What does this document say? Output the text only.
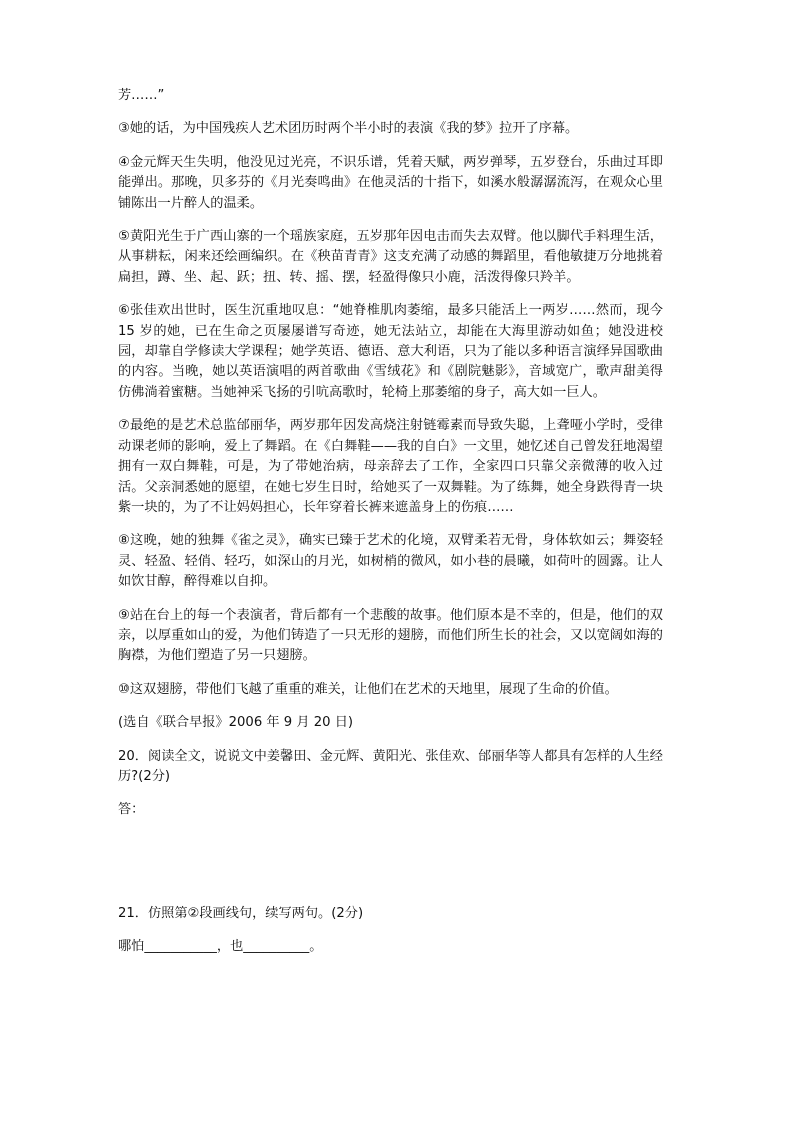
芳……”

③她的话，为中国残疾人艺术团历时两个半小时的表演《我的梦》拉开了序幕。

④金元辉天生失明，他没见过光亮，不识乐谱，凭着天赋，两岁弹琴，五岁登台，乐曲过耳即能弹出。那晚，贝多芬的《月光奏鸣曲》在他灵活的十指下，如溪水般潺潺流泻，在观众心里铺陈出一片醉人的温柔。

⑤黄阳光生于广西山寨的一个瑶族家庭，五岁那年因电击而失去双臂。他以脚代手料理生活，从事耕耘，闲来还绘画编织。在《秧苗青青》这支充满了动感的舞蹈里，看他敏捷万分地挑着扁担，蹲、坐、起、跃；扭、转、摇、摆，轻盈得像只小鹿，活泼得像只羚羊。

⑥张佳欢出世时，医生沉重地叹息：“她脊椎肌肉萎缩，最多只能活上一两岁……然而，现今 15 岁的她，已在生命之页屡屡谱写奇迹，她无法站立，却能在大海里游动如鱼；她没进校园，却靠自学修读大学课程；她学英语、德语、意大利语，只为了能以多种语言演绎异国歌曲的内容。当晚，她以英语演唱的两首歌曲《雪绒花》和《剧院魅影》，音域宽广，歌声甜美得仿佛淌着蜜糖。当她神采飞扬的引吭高歌时，轮椅上那萎缩的身子，高大如一巨人。

⑦最绝的是艺术总监邰丽华，两岁那年因发高烧注射链霉素而导致失聪，上聋哑小学时，受律动课老师的影响，爱上了舞蹈。在《白舞鞋——我的自白》一文里，她忆述自己曾发狂地渴望拥有一双白舞鞋，可是，为了带她治病，母亲辞去了工作，全家四口只靠父亲微薄的收入过活。父亲洞悉她的愿望，在她七岁生日时，给她买了一双舞鞋。为了练舞，她全身跌得青一块紫一块的，为了不让妈妈担心，长年穿着长裤来遮盖身上的伤痕……

⑧这晚，她的独舞《雀之灵》，确实已臻于艺术的化境，双臂柔若无骨，身体软如云；舞姿轻灵、轻盈、轻俏、轻巧，如深山的月光，如树梢的微风，如小巷的晨曦，如荷叶的圆露。让人如饮甘醇，醉得难以自抑。

⑨站在台上的每一个表演者，背后都有一个悲酸的故事。他们原本是不幸的，但是，他们的双亲，以厚重如山的爱，为他们铸造了一只无形的翅膀，而他们所生长的社会，又以宽阔如海的胸襟，为他们塑造了另一只翅膀。

⑩这双翅膀，带他们飞越了重重的难关，让他们在艺术的天地里，展现了生命的价值。

(选自《联合早报》2006 年 9 月 20 日)

20．阅读全文，说说文中姜馨田、金元辉、黄阳光、张佳欢、邰丽华等人都具有怎样的人生经历?(2分)

答：

21．仿照第②段画线句，续写两句。(2分)

哪怕___________，也__________。
